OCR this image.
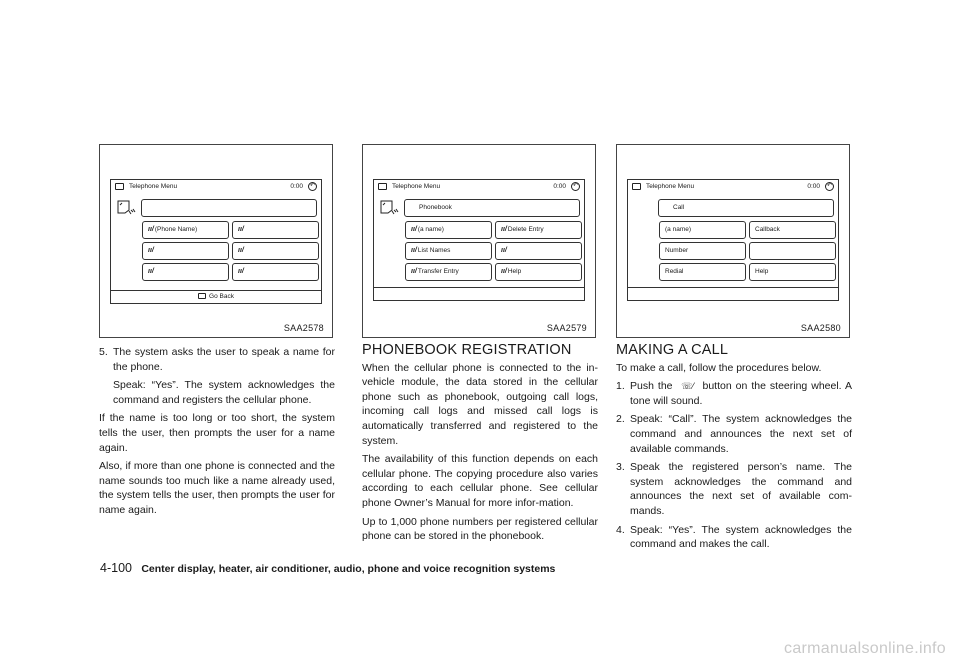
Telephone Menu	0:00	↶
ıı/(Phone Name)	ıı/
ıı/	ıı/
ıı/	ıı/
Go Back
SAA2578
Telephone Menu	0:00	↶
Phonebook
ıı/(a name)	ıı/Delete Entry
ıı/List Names	ıı/
ıı/Transfer Entry	ıı/Help
SAA2579
Telephone Menu	0:00	↶
Call
(a name)	Callback
Number
Redial	Help
SAA2580
5. The system asks the user to speak a name for the phone.
Speak: “Yes”. The system acknowledges the command and registers the cellular phone.

If the name is too long or too short, the system tells the user, then prompts the user for a name again.

Also, if more than one phone is connected and the name sounds too much like a name already used, the system tells the user, then prompts the user for name again.

PHONEBOOK REGISTRATION

When the cellular phone is connected to the in-vehicle module, the data stored in the cellular phone such as phonebook, outgoing call logs, incoming call logs and missed call logs is automatically transferred and registered to the system.

The availability of this function depends on each cellular phone. The copying procedure also varies according to each cellular phone. See cellular phone Owner’s Manual for more infor-mation.

Up to 1,000 phone numbers per registered cellular phone can be stored in the phonebook.

MAKING A CALL

To make a call, follow the procedures below.

1. Push the ☏⁄ button on the steering wheel. A tone will sound.
2. Speak: “Call”. The system acknowledges the command and announces the next set of available commands.
3. Speak the registered person’s name. The system acknowledges the command and announces the next set of available com-mands.
4. Speak: “Yes”. The system acknowledges the command and makes the call.
4-100 Center display, heater, air conditioner, audio, phone and voice recognition systems
carmanualsonline.info
